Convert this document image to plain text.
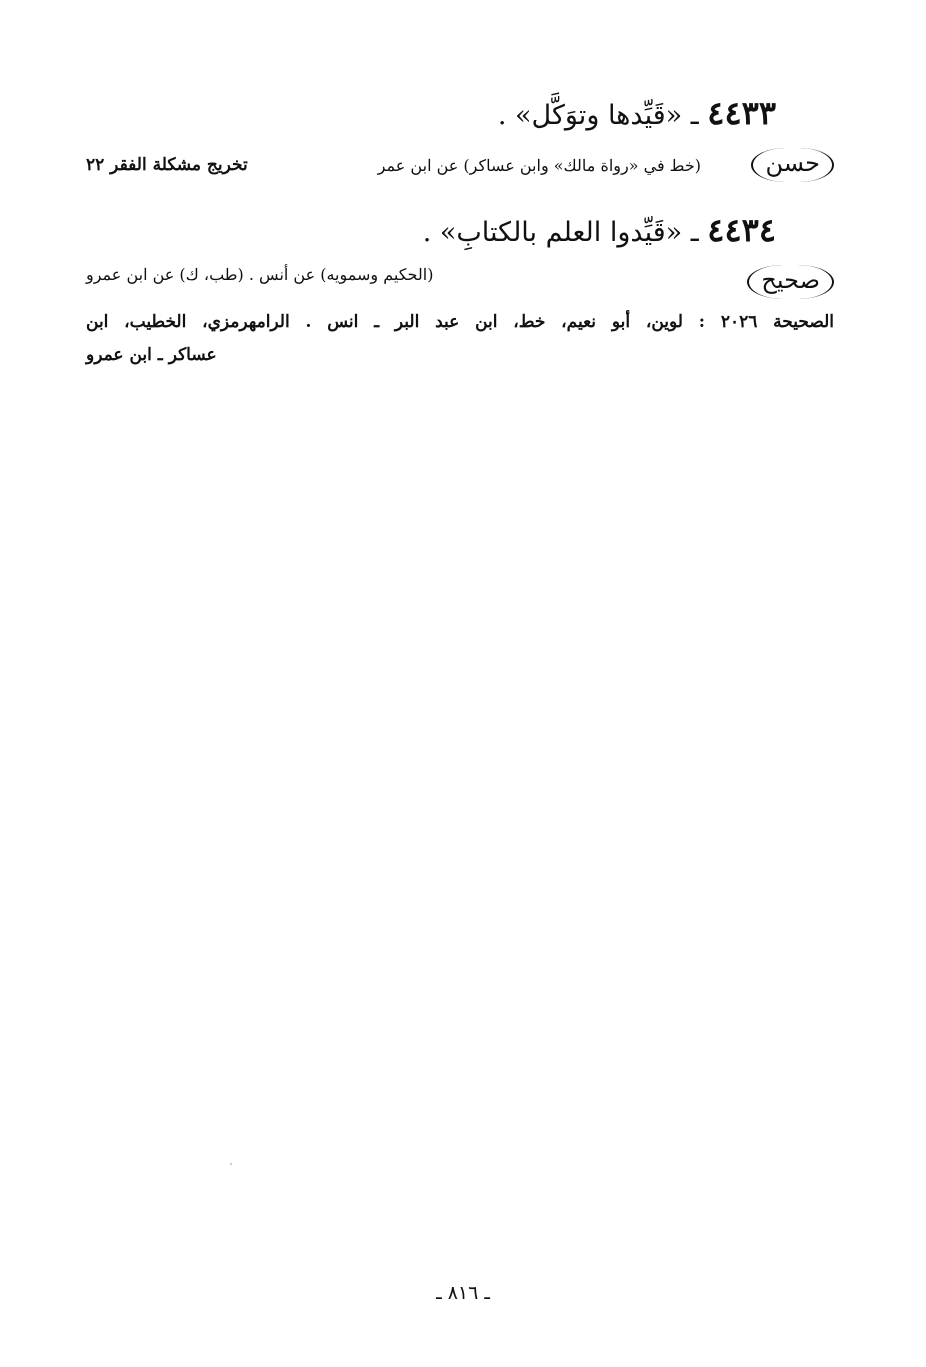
٤٤٣٣ ـ «قَيِّدها وتوَكَّل» .
حسن
(خط في «رواة مالك» وابن عساكر) عن ابن عمر
تخريج مشكلة الفقر ٢٢
٤٤٣٤ ـ «قَيِّدوا العلم بالكتابِ» .
صحيح
(الحكيم وسمويه) عن أنس . (طب، ك) عن ابن عمرو
الصحيحة ٢٠٢٦ : لوين، أبو نعيم، خط، ابن عبد البر ـ انس . الرامهرمزي، الخطيب، ابن
عساكر ـ ابن عمرو
ـ ٨١٦ ـ
